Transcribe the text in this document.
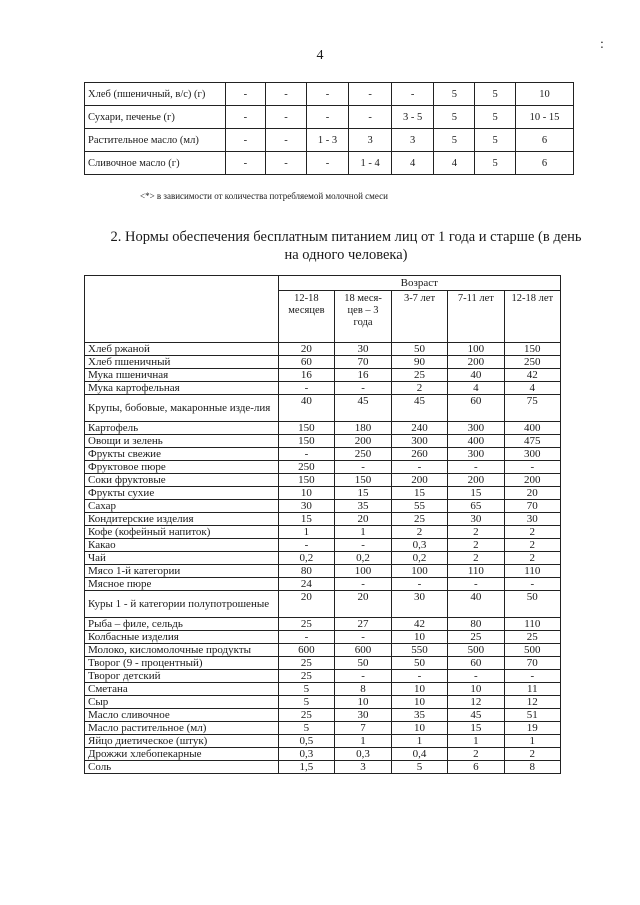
4
:
Хлеб (пшеничный, в/с) (г)	-	-	-	-	-	5	5	10
Сухари, печенье (г)	-	-	-	-	3 - 5	5	5	10 - 15
Растительное масло (мл)	-	-	1 - 3	3	3	5	5	6
Сливочное масло (г)	-	-	-	1 - 4	4	4	5	6
<*> в зависимости от количества потребляемой молочной смеси
2. Нормы обеспечения бесплатным питанием лиц от 1 года и старше (в день на одного человека)
	Возраст				
	12-18 месяцев	18 меся-цев – 3 года	3-7 лет	7-11 лет	12-18 лет
Хлеб ржаной	20	30	50	100	150
Хлеб пшеничный	60	70	90	200	250
Мука пшеничная	16	16	25	40	42
Мука картофельная	-	-	2	4	4
Крупы, бобовые, макаронные изде-лия	40	45	45	60	75
Картофель	150	180	240	300	400
Овощи и зелень	150	200	300	400	475
Фрукты свежие	-	250	260	300	300
Фруктовое пюре	250	-	-	-	-
Соки фруктовые	150	150	200	200	200
Фрукты сухие	10	15	15	15	20
Сахар	30	35	55	65	70
Кондитерские изделия	15	20	25	30	30
Кофе (кофейный напиток)	1	1	2	2	2
Какао	-	-	0,3	2	2
Чай	0,2	0,2	0,2	2	2
Мясо 1-й категории	80	100	100	110	110
Мясное пюре	24	-	-	-	-
Куры 1 - й категории полупотрошеные	20	20	30	40	50
Рыба – филе, сельдь	25	27	42	80	110
Колбасные изделия	-	-	10	25	25
Молоко, кисломолочные продукты	600	600	550	500	500
Творог (9 - процентный)	25	50	50	60	70
Творог детский	25	-	-	-	-
Сметана	5	8	10	10	11
Сыр	5	10	10	12	12
Масло сливочное	25	30	35	45	51
Масло растительное (мл)	5	7	10	15	19
Яйцо диетическое (штук)	0,5	1	1	1	1
Дрожжи хлебопекарные	0,3	0,3	0,4	2	2
Соль	1,5	3	5	6	8
